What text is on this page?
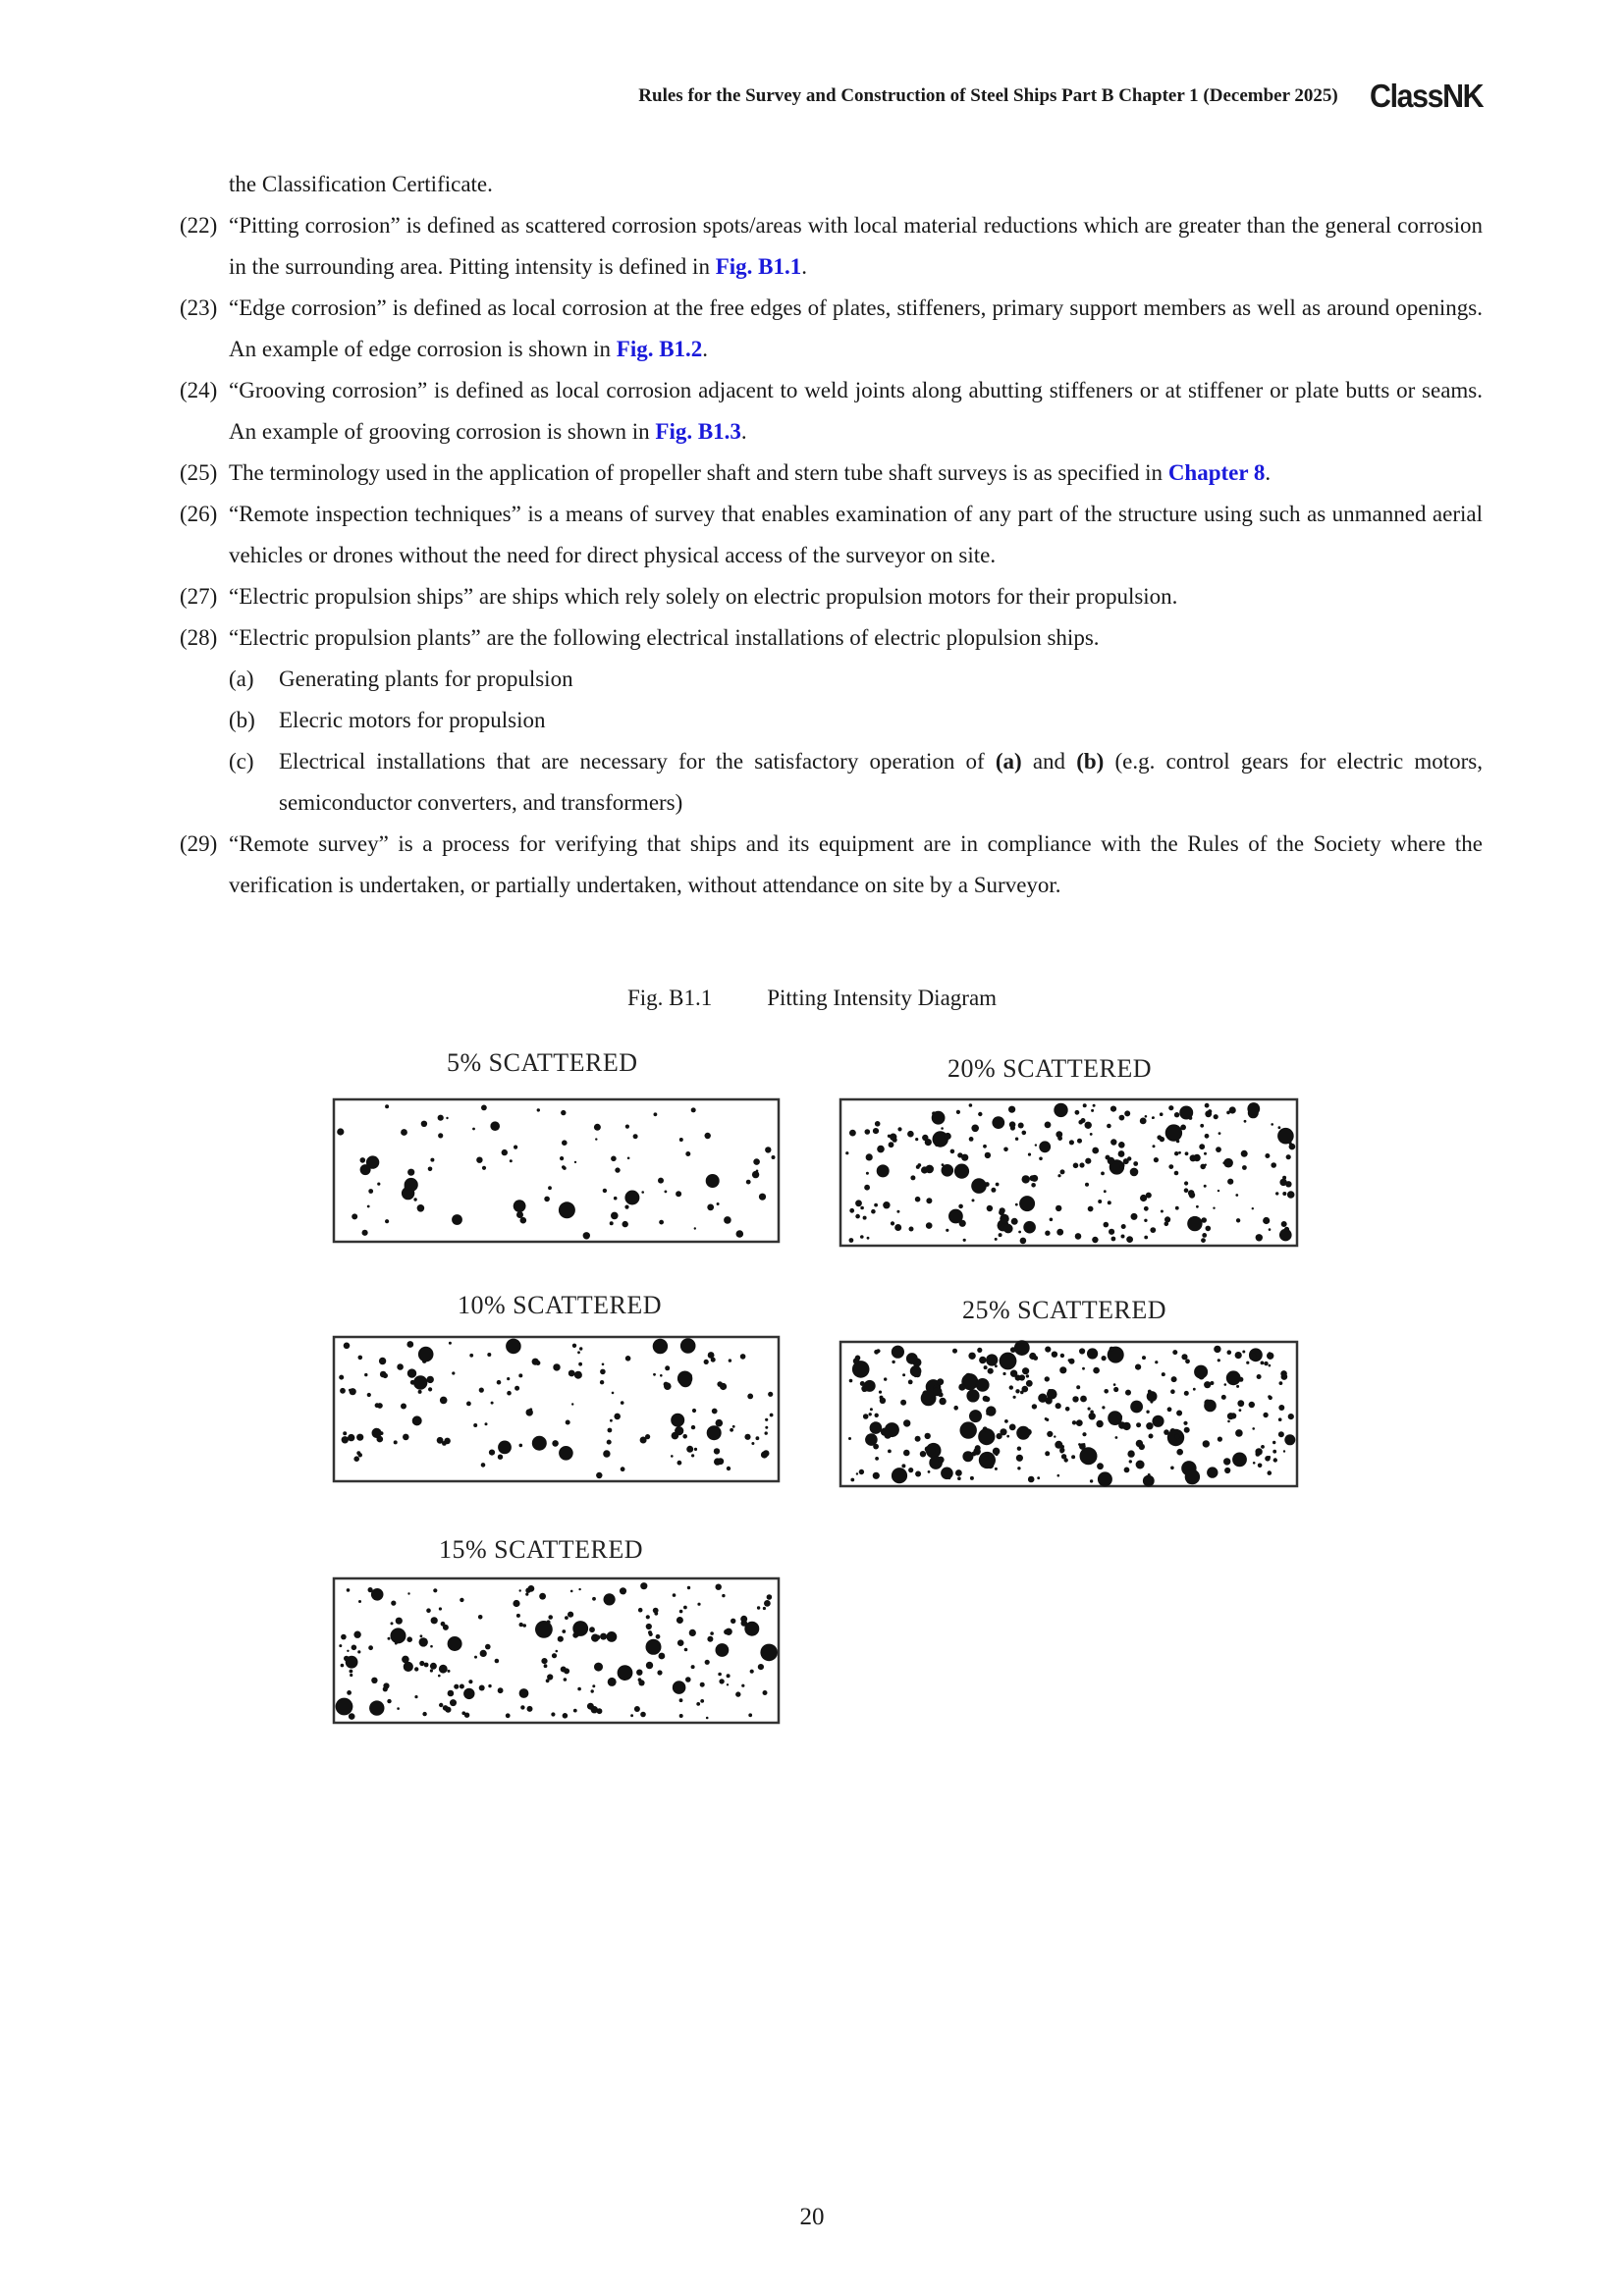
Rules for the Survey and Construction of Steel Ships Part B Chapter 1 (December 2025) ClassNK
the Classification Certificate.
(22) “Pitting corrosion” is defined as scattered corrosion spots/areas with local material reductions which are greater than the general corrosion in the surrounding area. Pitting intensity is defined in Fig. B1.1.
(23) “Edge corrosion” is defined as local corrosion at the free edges of plates, stiffeners, primary support members as well as around openings. An example of edge corrosion is shown in Fig. B1.2.
(24) “Grooving corrosion” is defined as local corrosion adjacent to weld joints along abutting stiffeners or at stiffener or plate butts or seams. An example of grooving corrosion is shown in Fig. B1.3.
(25) The terminology used in the application of propeller shaft and stern tube shaft surveys is as specified in Chapter 8.
(26) “Remote inspection techniques” is a means of survey that enables examination of any part of the structure using such as unmanned aerial vehicles or drones without the need for direct physical access of the surveyor on site.
(27) “Electric propulsion ships” are ships which rely solely on electric propulsion motors for their propulsion.
(28) “Electric propulsion plants” are the following electrical installations of electric plopulsion ships.
(a) Generating plants for propulsion
(b) Elecric motors for propulsion
(c) Electrical installations that are necessary for the satisfactory operation of (a) and (b) (e.g. control gears for electric motors, semiconductor converters, and transformers)
(29) “Remote survey” is a process for verifying that ships and its equipment are in compliance with the Rules of the Society where the verification is undertaken, or partially undertaken, without attendance on site by a Surveyor.
Fig. B1.1 Pitting Intensity Diagram
5% SCATTERED	20% SCATTERED
10% SCATTERED	25% SCATTERED
15% SCATTERED
20
